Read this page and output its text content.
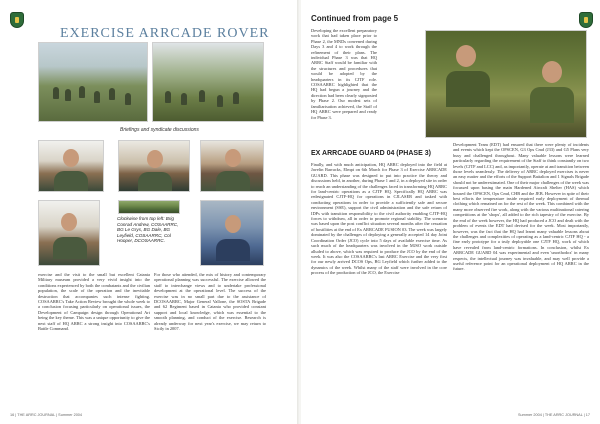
EXERCISE ARRCADE ROVER
Briefings and syndicate discussions
Clockwise from top left: Brig Conrad Andrew, COSAARRC, BG Le Grys, BG Dale, BG Leyfield, COSAARRC, Col Hooper, DCOSAARRC.
exercise and the visit to the small but excellent Catania Military museum provided a very vivid insight into the conditions experienced by both the combatants and the civilian population, the scale of the operation and the inevitable destruction that accompanies such intense fighting. COSAARRC's Take Action Review brought the whole week to a conclusion focusing particularly on operational issues, the Development of Campaign design through Operational Art being the key theme. This was a unique opportunity to give the next staff of HQ ARRC a strong insight into COSAARRC's Battle Command.
For those who attended, the mix of history and contemporary operational planning was successful. The exercise allowed the staff to interchange views and to undertake professional development at the operational level. The success of the exercise was in no small part due to the assistance of DCOSAARRC, Major General Vallone, the SOSTA Brigade and 62 Regiment based in Catania who provided constant support and local knowledge, which was essential to the smooth planning, and conduct of the exercise. Research is already underway for next year's exercise, we may return to Sicily in 2007.
16 | THE ARRC JOURNAL | Summer 2004
Continued from page 5
Developing the excellent preparatory work that had taken place prior to Phase 2, the MNDs convened during Days 3 and 4 to work through the refinement of their plans. The individual Phase 3 was that HQ ARRC Staff would be familiar with the structures and procedures that would be adopted by the headquarters in its CJTF role. COSAARRC highlighted that the HQ had begun a journey and the direction had been clearly signposted by Phase 2. Our modest sets of familiarisation achieved, the Staff of HQ ARRC were prepared and ready for Phase 3.
EX ARRCADE GUARD 04 (PHASE 3)
Finally, and with much anticipation, HQ ARRC deployed into the field at Javelin Barracks, Elmpt on 6th March for Phase 3 of Exercise ARRCADE GUARD. This phase was designed to put into practice the theory and discussions held, in another, during Phase 1 and 2, in a deployed site in order to reach an understanding of the challenges faced in transforming HQ ARRC for land-centric operations as a CJTF HQ. Specifically HQ ARRC was redesignated CJTF-HQ for operations in CJLASER and tasked with conducting operations in order to provide a sufficiently safe and secure environment (SSE), support the civil administration and the safe return of IDPs with transition responsibility to the civil authority enabling CJTF-HQ forces to withdraw, all in order to promote regional stability. The scenario was based upon the post conflict situation several months after the cessation of hostilities at the end of Ex ARRCADE FUSION 03. The week was largely dominated by the challenges of deploying a generally accepted 14 day Joint Coordination Order (JCO) cycle into 5 days of available exercise time. As such much of the headquarters was involved in the MJSO work outside alluded to above, which was required to produce the JCO by the end of the week. It was also the COSAARRC's last ARRC Exercise and the very first for our newly arrived DCOS Ops, BG Leyfield which further added to the dynamics of the week. Whilst many of the staff were involved in the core process of the production of the JCO, the Exercise
Development Team (EDT) had ensured that there were plenty of incidents and events which kept the OPSCEN, G3 Ops Cmd (J33) and G5 Plans very busy and challenged throughout. Many valuable lessons were learned particularly regarding the requirement of the Staff to think constantly on two levels (CJTF and LCC) and, as importantly, operate at and transition between those levels seamlessly. The delivery of ARRC deployed exercises is never an easy matter and the efforts of the Support Battalion and 1 Signals Brigade should not be underestimated. One of their major challenges of the week was focussed upon basing the main Hardened Aircraft Shelter (HAS) which housed the OPSCEN, Ops Cmd, CHB and the JEB. However in spite of their best efforts the temperature inside required early deployment of thermal clothing which remained on for the rest of the week. This combined with the many more observed fire work, along with the various multinational catering competitions at the 'shops', all added to the rich tapestry of the exercise. By the end of the week however, the HQ had produced a JCO and dealt with the problem of events the EDT had devised for the week. Most importantly, however, was the fact that the HQ had learnt many valuable lessons about the challenges and complexities of operating as a land-centric CJTF HQ - a fine early prototype for a truly deployable one CJTF HQ, work of which have revealed from land-centric formations. In conclusion, whilst Ex ARRCADE GUARD 04 was experimental and even 'unorthodox' in many respects, the intellectual journey was invaluable, and may well provide a useful reference point for an operational deployment of HQ ARRC in the future.
Summer 2004 | THE ARRC JOURNAL | 17
